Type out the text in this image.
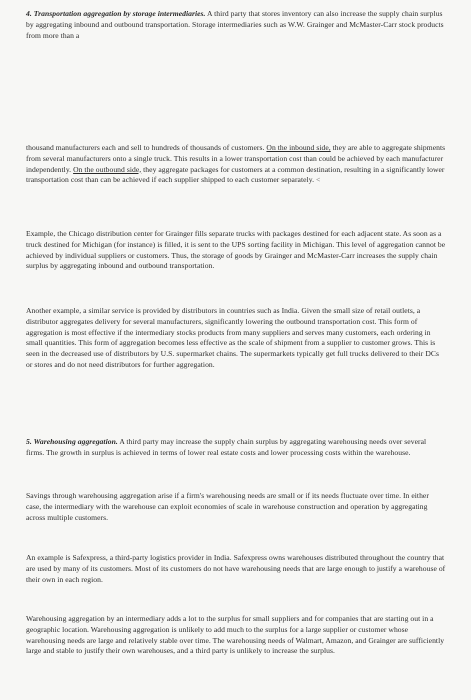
4. Transportation aggregation by storage intermediaries. A third party that stores inventory can also increase the supply chain surplus by aggregating inbound and outbound transportation. Storage intermediaries such as W.W. Grainger and McMaster-Carr stock products from more than a

thousand manufacturers each and sell to hundreds of thousands of customers. On the inbound side, they are able to aggregate shipments from several manufacturers onto a single truck. This results in a lower transportation cost than could be achieved by each manufacturer independently. On the outbound side, they aggregate packages for customers at a common destination, resulting in a significantly lower transportation cost than can be achieved if each supplier shipped to each customer separately. <

Example, the Chicago distribution center for Grainger fills separate trucks with packages destined for each adjacent state. As soon as a truck destined for Michigan (for instance) is filled, it is sent to the UPS sorting facility in Michigan. This level of aggregation cannot be achieved by individual suppliers or customers. Thus, the storage of goods by Grainger and McMaster-Carr increases the supply chain surplus by aggregating inbound and outbound transportation.

Another example, a similar service is provided by distributors in countries such as India. Given the small size of retail outlets, a distributor aggregates delivery for several manufacturers, significantly lowering the outbound transportation cost. This form of aggregation is most effective if the intermediary stocks products from many suppliers and serves many customers, each ordering in small quantities. This form of aggregation becomes less effective as the scale of shipment from a supplier to customer grows. This is seen in the decreased use of distributors by U.S. supermarket chains. The supermarkets typically get full trucks delivered to their DCs or stores and do not need distributors for further aggregation.

5. Warehousing aggregation. A third party may increase the supply chain surplus by aggregating warehousing needs over several firms. The growth in surplus is achieved in terms of lower real estate costs and lower processing costs within the warehouse.

Savings through warehousing aggregation arise if a firm's warehousing needs are small or if its needs fluctuate over time. In either case, the intermediary with the warehouse can exploit economies of scale in warehouse construction and operation by aggregating across multiple customers.

An example is Safexpress, a third-party logistics provider in India. Safexpress owns warehouses distributed throughout the country that are used by many of its customers. Most of its customers do not have warehousing needs that are large enough to justify a warehouse of their own in each region.

Warehousing aggregation by an intermediary adds a lot to the surplus for small suppliers and for companies that are starting out in a geographic location. Warehousing aggregation is unlikely to add much to the surplus for a large supplier or customer whose warehousing needs are large and relatively stable over time. The warehousing needs of Walmart, Amazon, and Grainger are sufficiently large and stable to justify their own warehouses, and a third party is unlikely to increase the surplus.
